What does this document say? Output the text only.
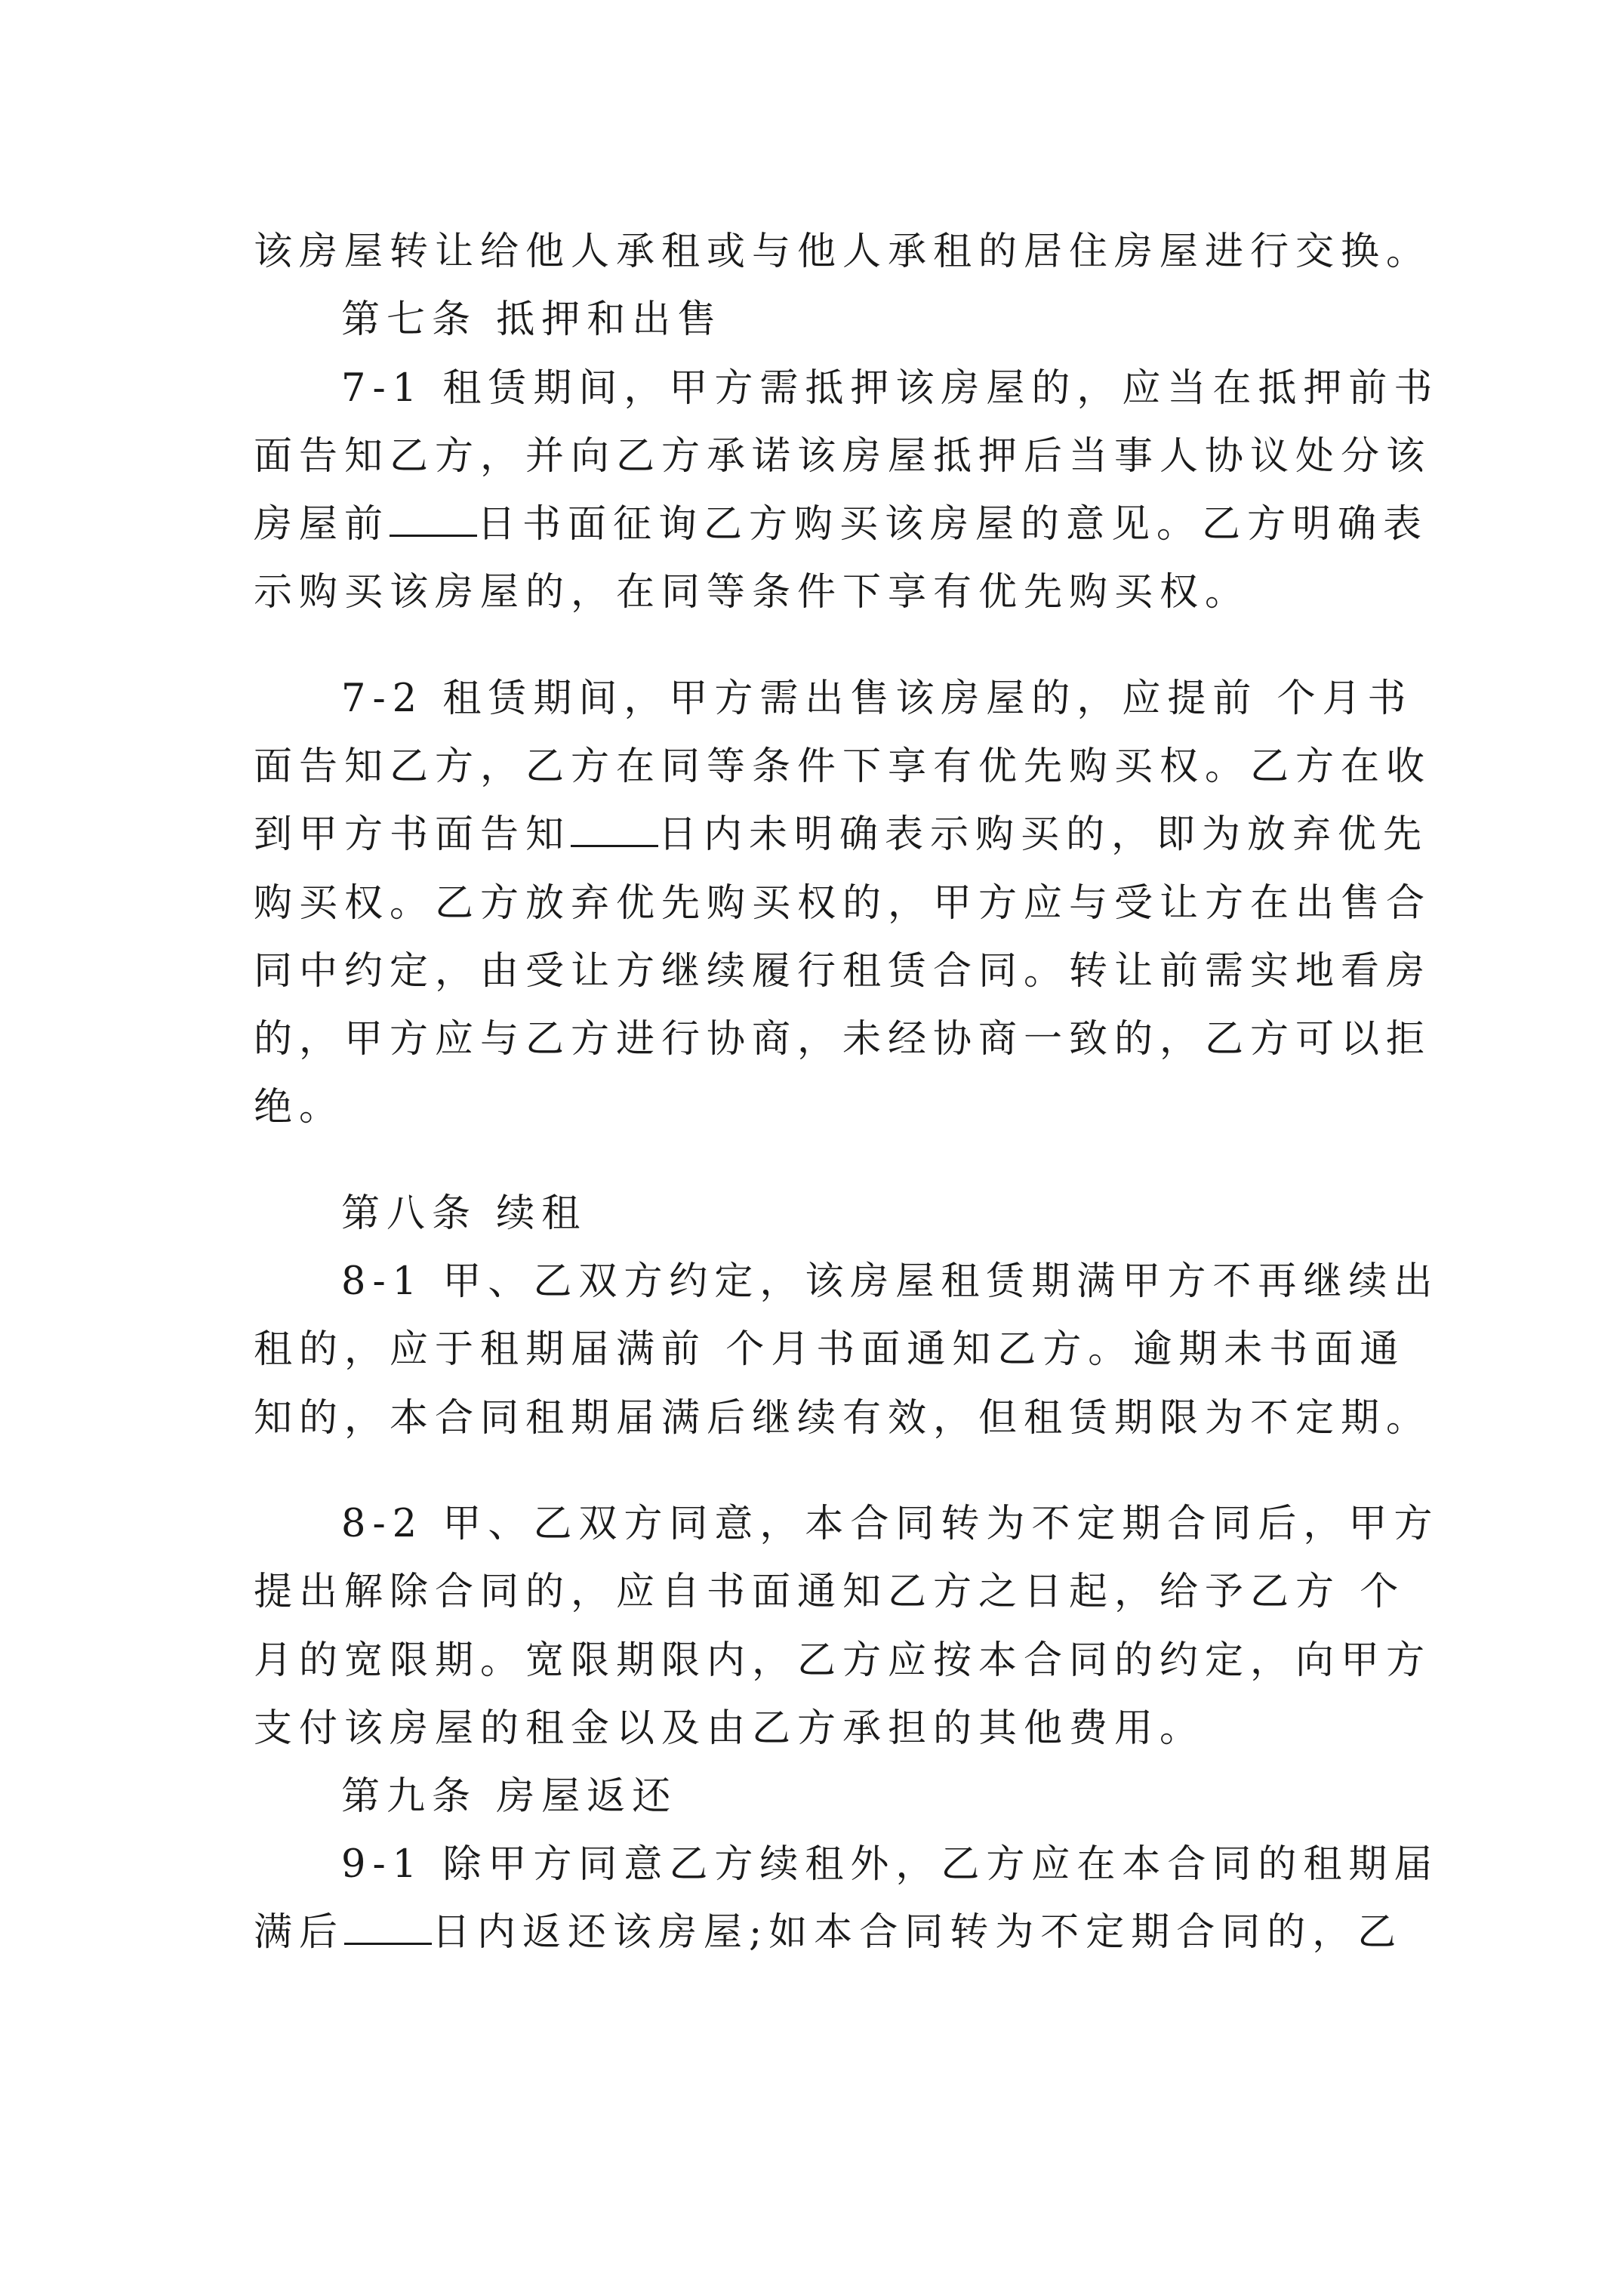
该房屋转让给他人承租或与他人承租的居住房屋进行交换。
第七条 抵押和出售
7-1 租赁期间，甲方需抵押该房屋的，应当在抵押前书
面告知乙方，并向乙方承诺该房屋抵押后当事人协议处分该
房屋前 日书面征询乙方购买该房屋的意见。乙方明确表
示购买该房屋的，在同等条件下享有优先购买权。
7-2 租赁期间，甲方需出售该房屋的，应提前 个月书
面告知乙方，乙方在同等条件下享有优先购买权。乙方在收
到甲方书面告知 日内未明确表示购买的，即为放弃优先
购买权。乙方放弃优先购买权的，甲方应与受让方在出售合
同中约定，由受让方继续履行租赁合同。转让前需实地看房
的，甲方应与乙方进行协商，未经协商一致的，乙方可以拒
绝。
第八条 续租
8-1 甲、乙双方约定，该房屋租赁期满甲方不再继续出
租的，应于租期届满前 个月书面通知乙方。逾期未书面通
知的，本合同租期届满后继续有效，但租赁期限为不定期。
8-2 甲、乙双方同意，本合同转为不定期合同后，甲方
提出解除合同的，应自书面通知乙方之日起，给予乙方 个
月的宽限期。宽限期限内，乙方应按本合同的约定，向甲方
支付该房屋的租金以及由乙方承担的其他费用。
第九条 房屋返还
9-1 除甲方同意乙方续租外，乙方应在本合同的租期届
满后 日内返还该房屋;如本合同转为不定期合同的，乙
